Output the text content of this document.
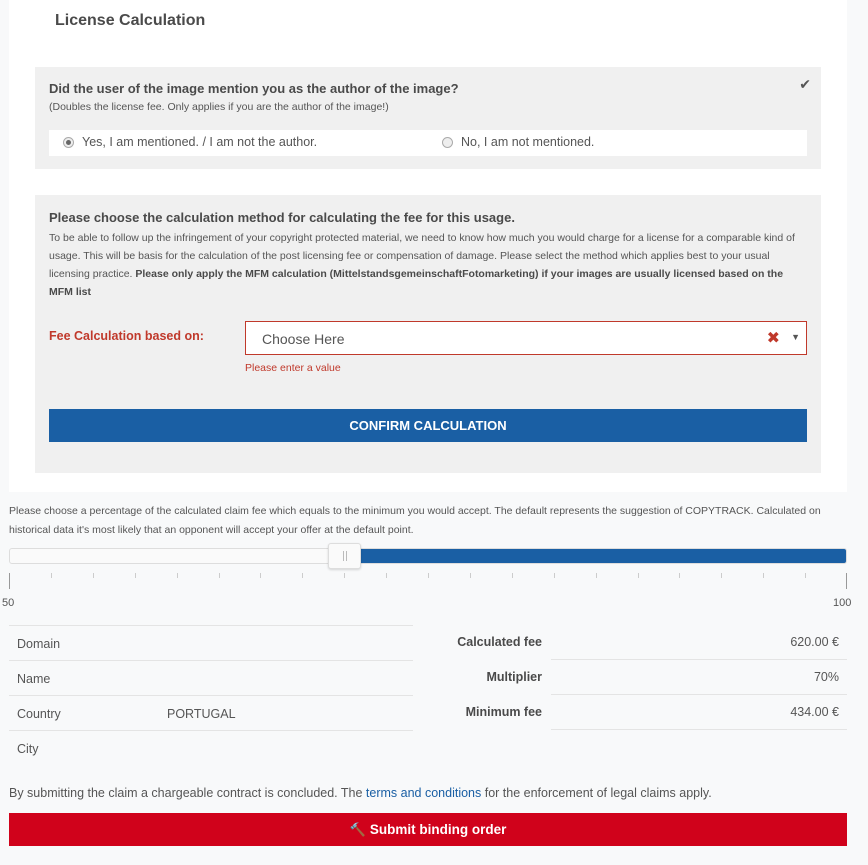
License Calculation
Did the user of the image mention you as the author of the image?
(Doubles the license fee. Only applies if you are the author of the image!)
✔
Yes, I am mentioned. / I am not the author.	No, I am not mentioned.
Please choose the calculation method for calculating the fee for this usage.
To be able to follow up the infringement of your copyright protected material, we need to know how much you would charge for a license for a comparable kind of usage. This will be basis for the calculation of the post licensing fee or compensation of damage. Please select the method which applies best to your usual licensing practice. Please only apply the MFM calculation (MittelstandsgemeinschaftFotomarketing) if your images are usually licensed based on the MFM list
Fee Calculation based on:	Choose Here	✖ ▼
Please enter a value
CONFIRM CALCULATION
Please choose a percentage of the calculated claim fee which equals to the minimum you would accept. The default represents the suggestion of COPYTRACK. Calculated on historical data it's most likely that an opponent will accept your offer at the default point.
50	100
Domain
Name
Country	PORTUGAL
City
Calculated fee	620.00 €
Multiplier	70%
Minimum fee	434.00 €
By submitting the claim a chargeable contract is concluded. The terms and conditions for the enforcement of legal claims apply.
🔨 Submit binding order
